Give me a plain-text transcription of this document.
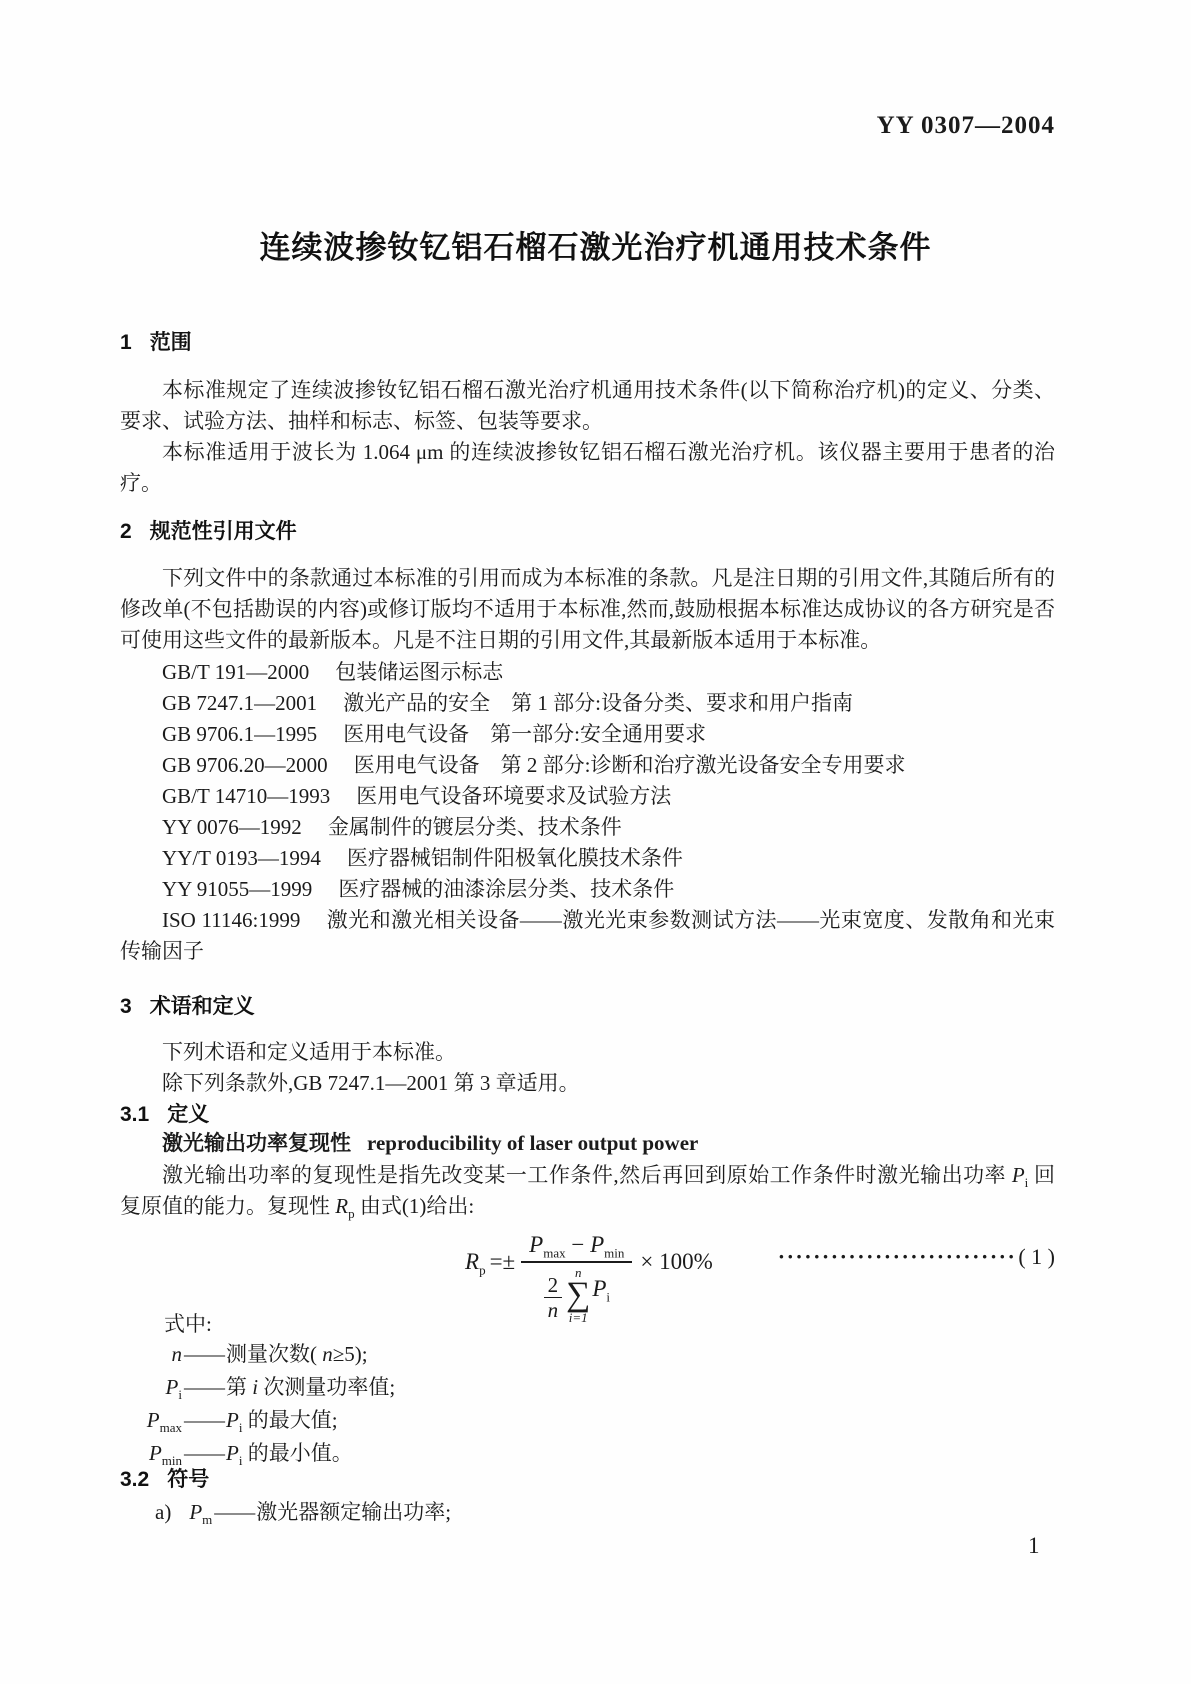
YY 0307—2004
连续波掺钕钇铝石榴石激光治疗机通用技术条件
1 范围

本标准规定了连续波掺钕钇铝石榴石激光治疗机通用技术条件(以下简称治疗机)的定义、分类、要求、试验方法、抽样和标志、标签、包装等要求。

本标准适用于波长为 1.064 μm 的连续波掺钕钇铝石榴石激光治疗机。该仪器主要用于患者的治疗。

2 规范性引用文件

下列文件中的条款通过本标准的引用而成为本标准的条款。凡是注日期的引用文件,其随后所有的修改单(不包括勘误的内容)或修订版均不适用于本标准,然而,鼓励根据本标准达成协议的各方研究是否可使用这些文件的最新版本。凡是不注日期的引用文件,其最新版本适用于本标准。

GB/T 191—2000 包装储运图示标志

GB 7247.1—2001 激光产品的安全　第 1 部分:设备分类、要求和用户指南

GB 9706.1—1995 医用电气设备　第一部分:安全通用要求

GB 9706.20—2000 医用电气设备　第 2 部分:诊断和治疗激光设备安全专用要求

GB/T 14710—1993 医用电气设备环境要求及试验方法

YY 0076—1992 金属制件的镀层分类、技术条件

YY/T 0193—1994 医疗器械铝制件阳极氧化膜技术条件

YY 91055—1999 医疗器械的油漆涂层分类、技术条件

ISO 11146:1999 激光和激光相关设备——激光光束参数测试方法——光束宽度、发散角和光束传输因子

3 术语和定义

下列术语和定义适用于本标准。

除下列条款外,GB 7247.1—2001 第 3 章适用。

3.1 定义

激光输出功率复现性 reproducibility of laser output power

激光输出功率的复现性是指先改变某一工作条件,然后再回到原始工作条件时激光输出功率 $P_i$ 回复原值的能力。复现性 $R_p$ 由式(1)给出:

$R_p =\pm P_{max} - P_{min}$
$\frac{2}{n}$
n
∑
i=1
$P_i \times 100\%$	··························· ( 1 )

式中:

n——测量次数( n≥5);

$P_i——$第 i 次测量功率值;

$P_{max}——P_i$ 的最大值;

$P_{min}——P_i$ 的最小值。

3.2 符号

a) $P_m——$激光器额定输出功率;

1
